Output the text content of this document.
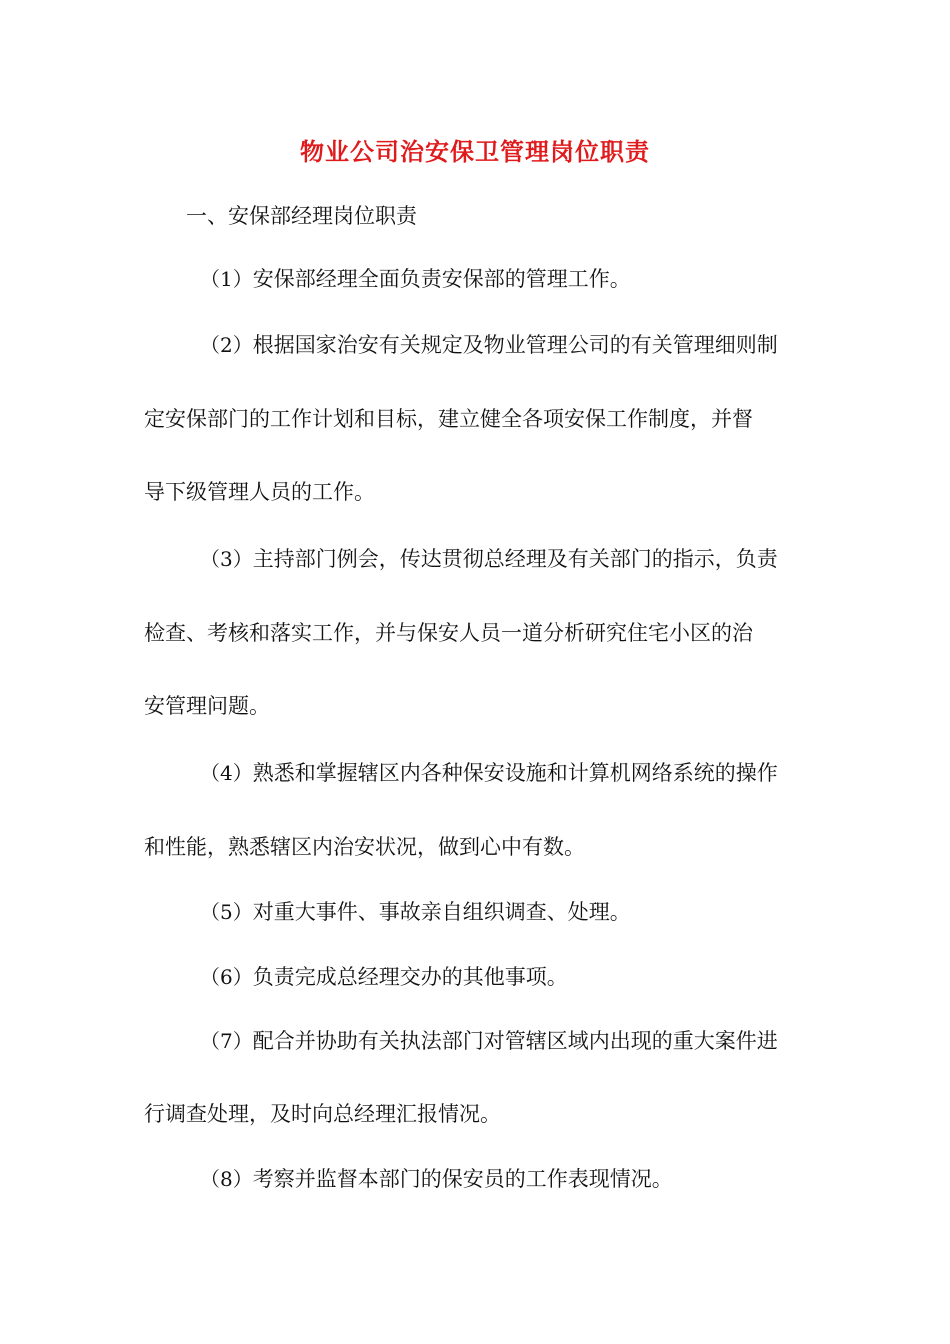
物业公司治安保卫管理岗位职责
一、安保部经理岗位职责
（1）安保部经理全面负责安保部的管理工作。
（2）根据国家治安有关规定及物业管理公司的有关管理细则制
定安保部门的工作计划和目标，建立健全各项安保工作制度，并督
导下级管理人员的工作。
（3）主持部门例会，传达贯彻总经理及有关部门的指示，负责
检查、考核和落实工作，并与保安人员一道分析研究住宅小区的治
安管理问题。
（4）熟悉和掌握辖区内各种保安设施和计算机网络系统的操作
和性能，熟悉辖区内治安状况，做到心中有数。
（5）对重大事件、事故亲自组织调查、处理。
（6）负责完成总经理交办的其他事项。
（7）配合并协助有关执法部门对管辖区域内出现的重大案件进
行调查处理，及时向总经理汇报情况。
（8）考察并监督本部门的保安员的工作表现情况。
